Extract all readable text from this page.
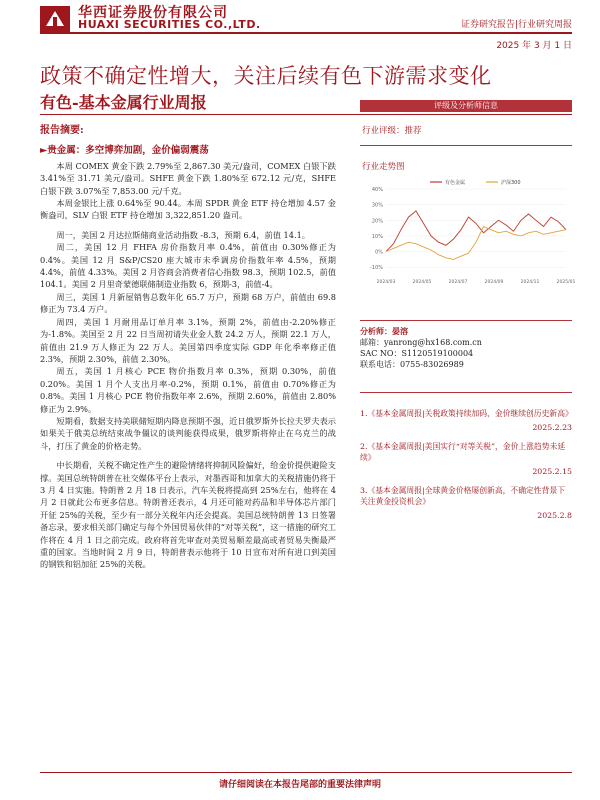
华西证券股份有限公司
HUAXI SECURITIES CO.,LTD.	证券研究报告|行业研究周报
2025 年 3 月 1 日
政策不确定性增大，关注后续有色下游需求变化
有色-基本金属行业周报

报告摘要:

►贵金属：多空博弈加剧，金价偏弱震荡

本周 COMEX 黄金下跌 2.79%至 2,867.30 美元/盎司，COMEX 白银下跌 3.41%至 31.71 美元/盎司。SHFE 黄金下跌 1.80%至 672.12 元/克，SHFE 白银下跌 3.07%至 7,853.00 元/千克。

本周金银比上涨 0.64%至 90.44。本周 SPDR 黄金 ETF 持仓增加 4.57 金衡盎司，SLV 白银 ETF 持仓增加 3,322,851.20 盎司。

周一，美国 2 月达拉斯储商业活动指数 -8.3，预期 6.4，前值 14.1。

周二，美国 12 月 FHFA 房价指数月率 0.4%，前值由 0.30%修正为 0.4%。美国 12 月 S&P/CS20 座大城市未季调房价指数年率 4.5%，预期 4.4%，前值 4.33%。美国 2 月咨商会消费者信心指数 98.3，预期 102.5，前值 104.1。美国 2 月里奇蒙德联储制造业指数 6，预期-3，前值-4。

周三，美国 1 月新屋销售总数年化 65.7 万户，预期 68 万户，前值由 69.8 修正为 73.4 万户。

周四，美国 1 月耐用品订单月率 3.1%，预期 2%，前值由-2.20%修正为-1.8%。美国至 2 月 22 日当周初请失业金人数 24.2 万人，预期 22.1 万人，前值由 21.9 万人修正为 22 万人。美国第四季度实际 GDP 年化季率修正值 2.3%，预期 2.30%，前值 2.30%。

周五，美国 1 月核心 PCE 物价指数月率 0.3%，预期 0.30%，前值 0.20%。美国 1 月个人支出月率-0.2%，预期 0.1%，前值由 0.70%修正为 0.8%。美国 1 月核心 PCE 物价指数年率 2.6%，预期 2.60%，前值由 2.80%修正为 2.9%。

短期看，数据支持美联储短期内降息预期不强，近日俄罗斯外长拉夫罗夫表示如果关于俄美总统结束战争僵议的谈判能获得成果，俄罗斯将停止在乌克兰的战斗，打压了黄金的价格走势。

中长期看，关税不确定性产生的避险情绪将抑制风险偏好，给金价提供避险支撑。美国总统特朗普在社交媒体平台上表示，对墨西哥和加拿大的关税措施仍将于 3 月 4 日实施。特朗普 2 月 18 日表示，汽车关税将提高到 25%左右，他将在 4 月 2 日就此公布更多信息。特朗普还表示，4 月还可能对药品和半导体芯片部门开征 25%的关税，至少有一部分关税年内还会提高。美国总统特朗普 13 日签署备忘录，要求相关部门确定与每个外国贸易伙伴的“对等关税”，这一措施的研究工作将在 4 月 1 日之前完成。政府将首先审查对美贸易顺差最高或者贸易失衡最严重的国家。当地时间 2 月 9 日，特朗普表示他将于 10 日宣布对所有进口到美国的钢铁和铝加征 25%的关税。

评级及分析师信息
行业评级：推荐
行业走势图
40%
30%
20%
10%
0%
-10%
2024/03	2024/05	2024/07	2024/09	2024/11	2025/01
有色金属	沪深300
分析师：晏溶
邮箱：yanrong@hx168.com.cn
SAC NO：S1120519100004
联系电话：0755-83026989
1.《基本金属周报|关税政策持续加码，金价继续创历史新高》
2025.2.23
2.《基本金属周报|美国实行“对等关税”，金价上涨趋势未延续》
2025.2.15
3.《基本金属周报|全球黄金价格屡创新高，不确定性背景下关注黄金投资机会》
2025.2.8
请仔细阅读在本报告尾部的重要法律声明
